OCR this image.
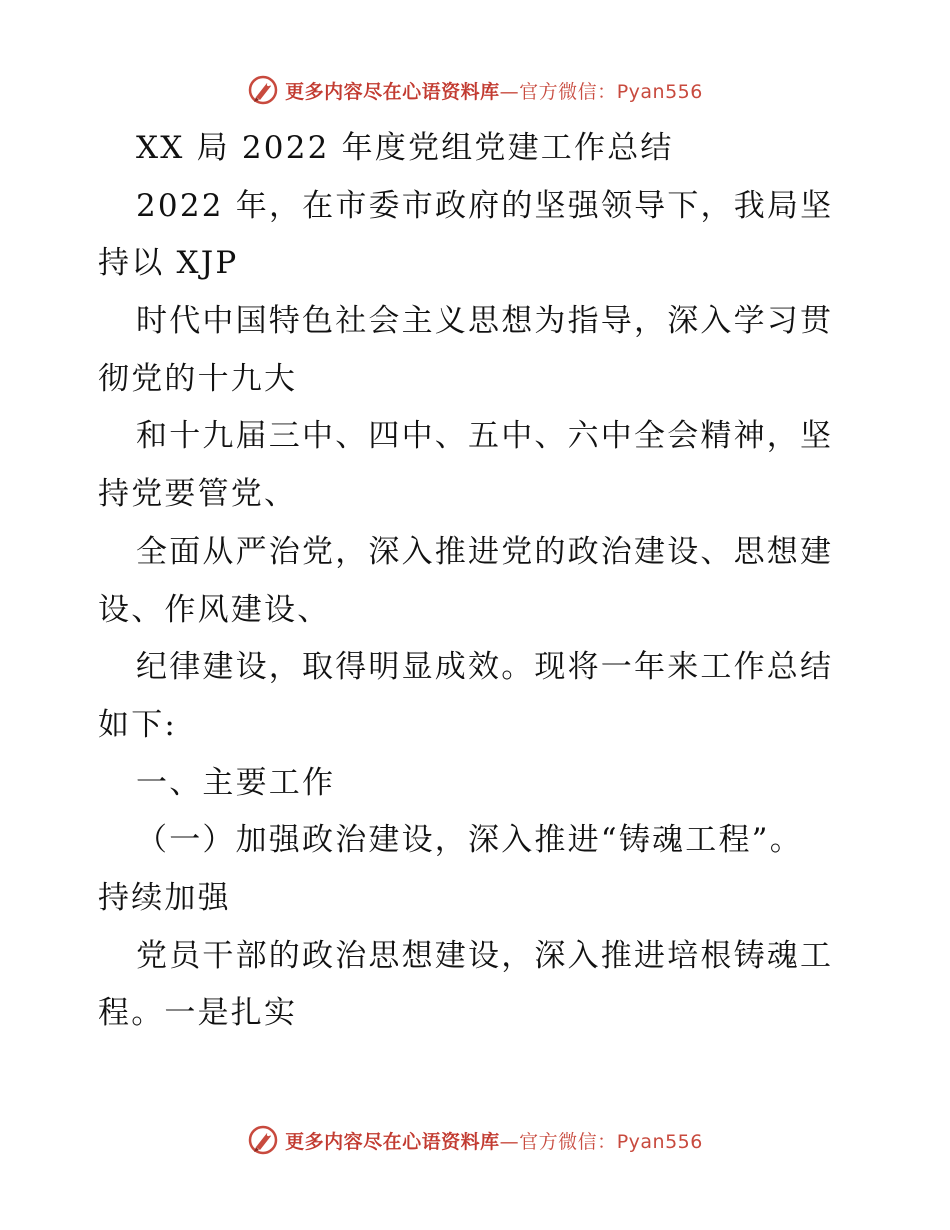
更多内容尽在心语资料库—官方微信：Pyan556
XX 局 2022 年度党组党建工作总结
2022 年，在市委市政府的坚强领导下，我局坚
持以 XJP
时代中国特色社会主义思想为指导，深入学习贯
彻党的十九大
和十九届三中、四中、五中、六中全会精神，坚
持党要管党、
全面从严治党，深入推进党的政治建设、思想建
设、作风建设、
纪律建设，取得明显成效。现将一年来工作总结
如下:
一、主要工作
（一）加强政治建设，深入推进“铸魂工程”。
持续加强
党员干部的政治思想建设，深入推进培根铸魂工
程。一是扎实
更多内容尽在心语资料库—官方微信：Pyan556
